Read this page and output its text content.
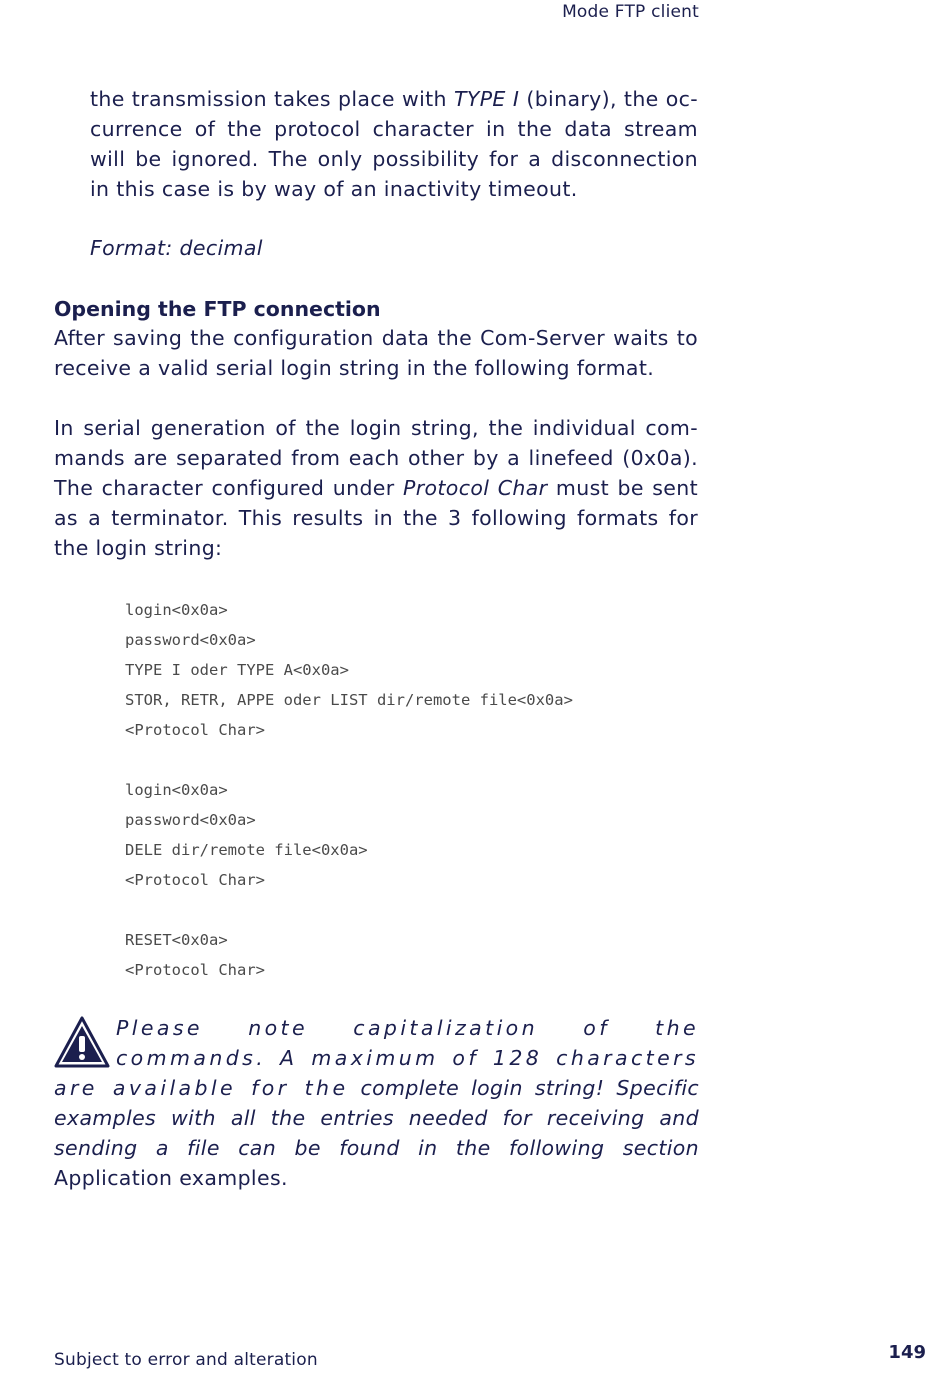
Mode FTP client

the transmission takes place with TYPE I (binary), the oc-currence of the protocol character in the data stream will be ignored. The only possibility for a disconnection in this case is by way of an inactivity timeout.

Format: decimal

Opening the FTP connection

After saving the configuration data the Com-Server waits to receive a valid serial login string in the following format.

In serial generation of the login string, the individual com-mands are separated from each other by a linefeed (0x0a). The character configured under Protocol Char must be sent as a terminator. This results in the 3 following formats for the login string:

login<0x0a>
password<0x0a>
TYPE I oder TYPE A<0x0a>
STOR, RETR, APPE oder LIST dir/remote file<0x0a>
<Protocol Char>
login<0x0a>
password<0x0a>
DELE dir/remote file<0x0a>
<Protocol Char>
RESET<0x0a>
<Protocol Char>
Please note capitalization of the commands. A maximum of 128 characters are available for the complete login string! Specific examples with all the entries needed for receiving and sending a file can be found in the following section Application examples.
Subject to error and alteration	149
